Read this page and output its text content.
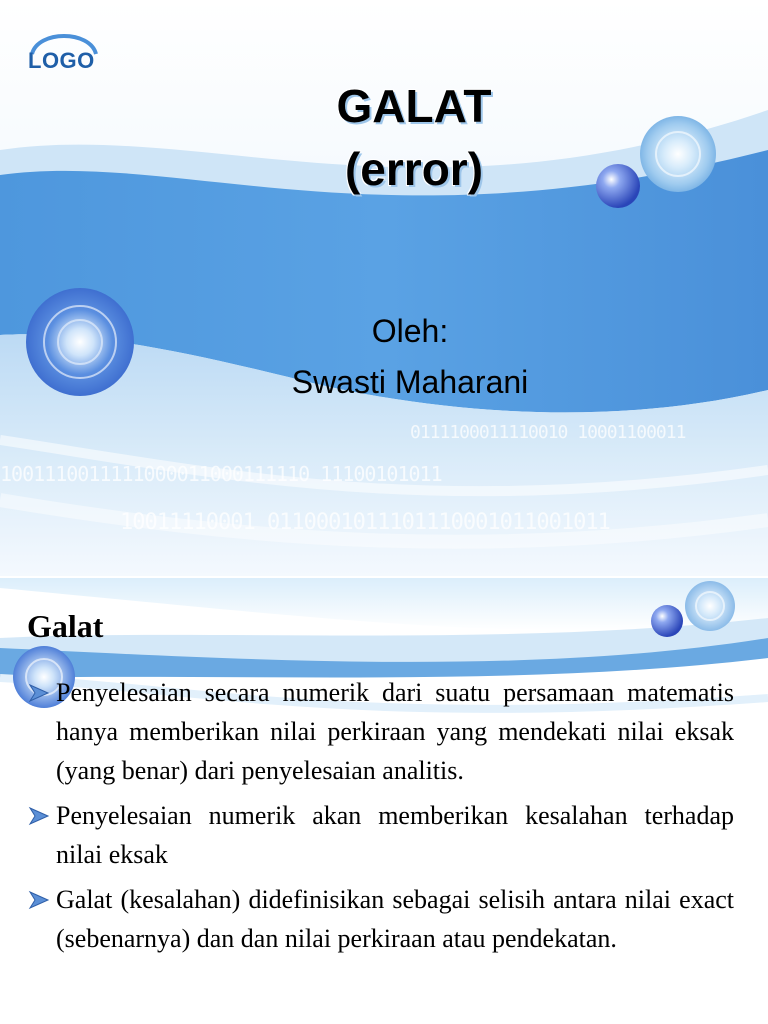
0111100011110010 10001100011
1001110011111000011000111110 11100101011
10011110001 0110001011101110001011001011
LOGO
GALAT
(error)
Oleh:
Swasti Maharani
Galat
Penyelesaian secara numerik dari suatu persamaan matematis hanya memberikan nilai perkiraan yang mendekati nilai eksak (yang benar) dari penyelesaian analitis.
Penyelesaian numerik akan memberikan kesalahan terhadap nilai eksak
Galat (kesalahan) didefinisikan sebagai selisih antara nilai exact (sebenarnya) dan dan nilai perkiraan atau pendekatan.
